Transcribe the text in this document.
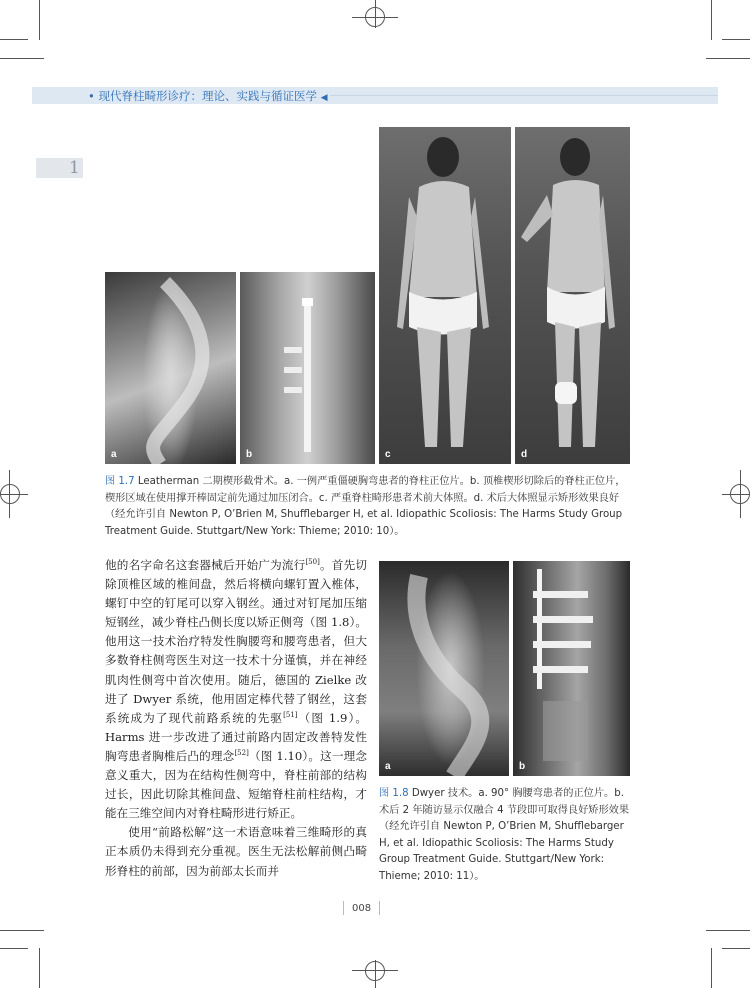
• 现代脊柱畸形诊疗：理论、实践与循证医学 ◀
1
a	b	c	d
图 1.7 Leatherman 二期楔形截骨术。a. 一例严重僵硬胸弯患者的脊柱正位片。b. 顶椎楔形切除后的脊柱正位片，楔形区域在使用撑开棒固定前先通过加压闭合。c. 严重脊柱畸形患者术前大体照。d. 术后大体照显示矫形效果良好（经允许引自 Newton P, O’Brien M, Shufflebarger H, et al. Idiopathic Scoliosis: The Harms Study Group Treatment Guide. Stuttgart/New York: Thieme; 2010: 10）。

他的名字命名这套器械后开始广为流行[50]。首先切除顶椎区域的椎间盘，然后将横向螺钉置入椎体，螺钉中空的钉尾可以穿入钢丝。通过对钉尾加压缩短钢丝，减少脊柱凸侧长度以矫正侧弯（图 1.8）。他用这一技术治疗特发性胸腰弯和腰弯患者，但大多数脊柱侧弯医生对这一技术十分谨慎，并在神经肌肉性侧弯中首次使用。随后，德国的 Zielke 改进了 Dwyer 系统，他用固定棒代替了钢丝，这套系统成为了现代前路系统的先驱[51]（图 1.9）。Harms 进一步改进了通过前路内固定改善特发性胸弯患者胸椎后凸的理念[52]（图 1.10）。这一理念意义重大，因为在结构性侧弯中，脊柱前部的结构过长，因此切除其椎间盘、短缩脊柱前柱结构，才能在三维空间内对脊柱畸形进行矫正。

使用“前路松解”这一术语意味着三维畸形的真正本质仍未得到充分重视。医生无法松解前侧凸畸形脊柱的前部，因为前部太长而并

a	b
图 1.8 Dwyer 技术。a. 90° 胸腰弯患者的正位片。b. 术后 2 年随访显示仅融合 4 节段即可取得良好矫形效果（经允许引自 Newton P, O’Brien M, Shufflebarger H, et al. Idiopathic Scoliosis: The Harms Study Group Treatment Guide. Stuttgart/New York: Thieme; 2010: 11）。
008
